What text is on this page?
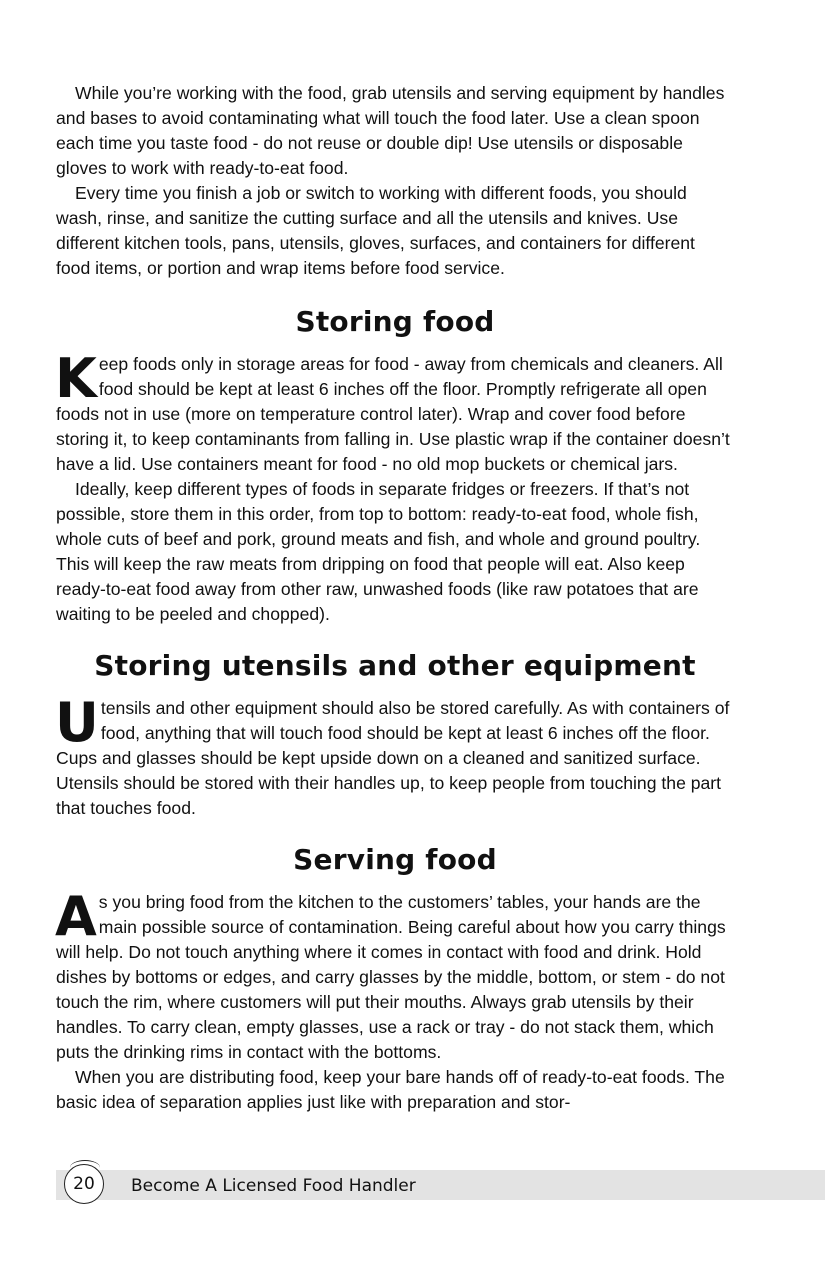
While you’re working with the food, grab utensils and serving equipment by handles and bases to avoid contaminating what will touch the food later. Use a clean spoon each time you taste food - do not reuse or double dip! Use utensils or disposable gloves to work with ready-to-eat food.

Every time you finish a job or switch to working with different foods, you should wash, rinse, and sanitize the cutting surface and all the utensils and knives. Use different kitchen tools, pans, utensils, gloves, surfaces, and containers for different food items, or portion and wrap items before food service.

Storing food

Keep foods only in storage areas for food - away from chemicals and cleaners. All food should be kept at least 6 inches off the floor. Promptly refrigerate all open foods not in use (more on temperature control later). Wrap and cover food before storing it, to keep contaminants from falling in. Use plastic wrap if the container doesn’t have a lid. Use containers meant for food - no old mop buckets or chemical jars.

Ideally, keep different types of foods in separate fridges or freezers. If that’s not possible, store them in this order, from top to bottom: ready-to-eat food, whole fish, whole cuts of beef and pork, ground meats and fish, and whole and ground poultry. This will keep the raw meats from dripping on food that people will eat. Also keep ready-to-eat food away from other raw, unwashed foods (like raw potatoes that are waiting to be peeled and chopped).

Storing utensils and other equipment

Utensils and other equipment should also be stored carefully. As with containers of food, anything that will touch food should be kept at least 6 inches off the floor. Cups and glasses should be kept upside down on a cleaned and sanitized surface. Utensils should be stored with their handles up, to keep people from touching the part that touches food.

Serving food

As you bring food from the kitchen to the customers’ tables, your hands are the main possible source of contamination. Being careful about how you carry things will help. Do not touch anything where it comes in contact with food and drink. Hold dishes by bottoms or edges, and carry glasses by the middle, bottom, or stem - do not touch the rim, where customers will put their mouths. Always grab utensils by their handles. To carry clean, empty glasses, use a rack or tray - do not stack them, which puts the drinking rims in contact with the bottoms.

When you are distributing food, keep your bare hands off of ready-to-eat foods. The basic idea of separation applies just like with preparation and stor-

20	Become A Licensed Food Handler
